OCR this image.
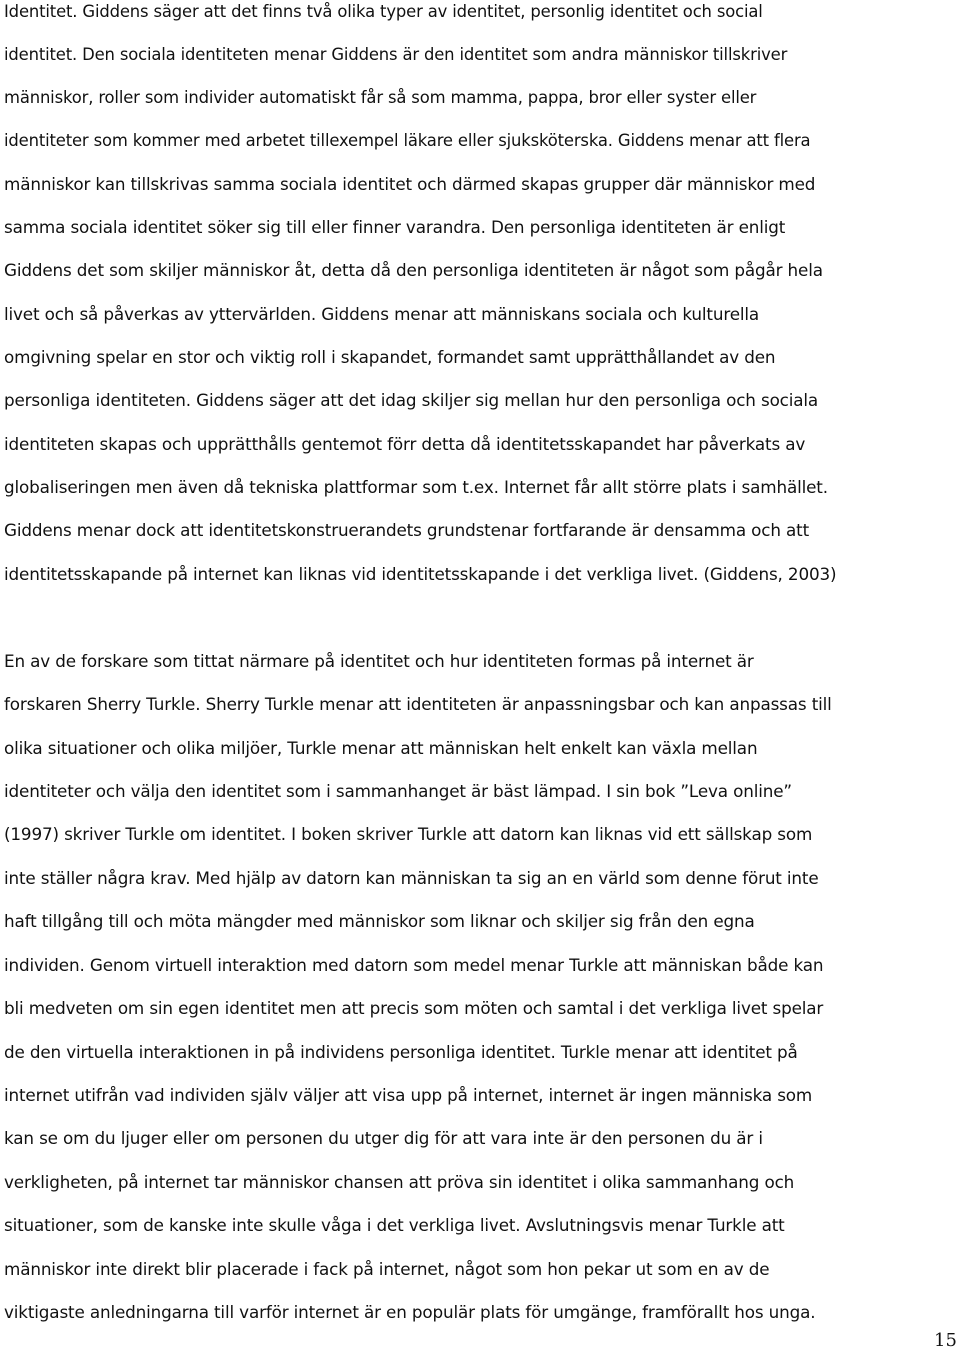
Identitet. Giddens säger att det finns två olika typer av identitet, personlig identitet och social

identitet. Den sociala identiteten menar Giddens är den identitet som andra människor tillskriver

människor, roller som individer automatiskt får så som mamma, pappa, bror eller syster eller

identiteter som kommer med arbetet tillexempel läkare eller sjuksköterska. Giddens menar att flera

människor kan tillskrivas samma sociala identitet och därmed skapas grupper där människor med

samma sociala identitet söker sig till eller finner varandra. Den personliga identiteten är enligt

Giddens det som skiljer människor åt, detta då den personliga identiteten är något som pågår hela

livet och så påverkas av yttervärlden. Giddens menar att människans sociala och kulturella

omgivning spelar en stor och viktig roll i skapandet, formandet samt upprätthållandet av den

personliga identiteten. Giddens säger att det idag skiljer sig mellan hur den personliga och sociala

identiteten skapas och upprätthålls gentemot förr detta då identitetsskapandet har påverkats av

globaliseringen men även då tekniska plattformar som t.ex. Internet får allt större plats i samhället.

Giddens menar dock att identitetskonstruerandets grundstenar fortfarande är densamma och att

identitetsskapande på internet kan liknas vid identitetsskapande i det verkliga livet. (Giddens, 2003)

En av de forskare som tittat närmare på identitet och hur identiteten formas på internet är

forskaren Sherry Turkle. Sherry Turkle menar att identiteten är anpassningsbar och kan anpassas till

olika situationer och olika miljöer, Turkle menar att människan helt enkelt kan växla mellan

identiteter och välja den identitet som i sammanhanget är bäst lämpad. I sin bok ”Leva online”

(1997) skriver Turkle om identitet. I boken skriver Turkle att datorn kan liknas vid ett sällskap som

inte ställer några krav. Med hjälp av datorn kan människan ta sig an en värld som denne förut inte

haft tillgång till och möta mängder med människor som liknar och skiljer sig från den egna

individen. Genom virtuell interaktion med datorn som medel menar Turkle att människan både kan

bli medveten om sin egen identitet men att precis som möten och samtal i det verkliga livet spelar

de den virtuella interaktionen in på individens personliga identitet. Turkle menar att identitet på

internet utifrån vad individen själv väljer att visa upp på internet, internet är ingen människa som

kan se om du ljuger eller om personen du utger dig för att vara inte är den personen du är i

verkligheten, på internet tar människor chansen att pröva sin identitet i olika sammanhang och

situationer, som de kanske inte skulle våga i det verkliga livet. Avslutningsvis menar Turkle att

människor inte direkt blir placerade i fack på internet, något som hon pekar ut som en av de

viktigaste anledningarna till varför internet är en populär plats för umgänge, framförallt hos unga.

15
